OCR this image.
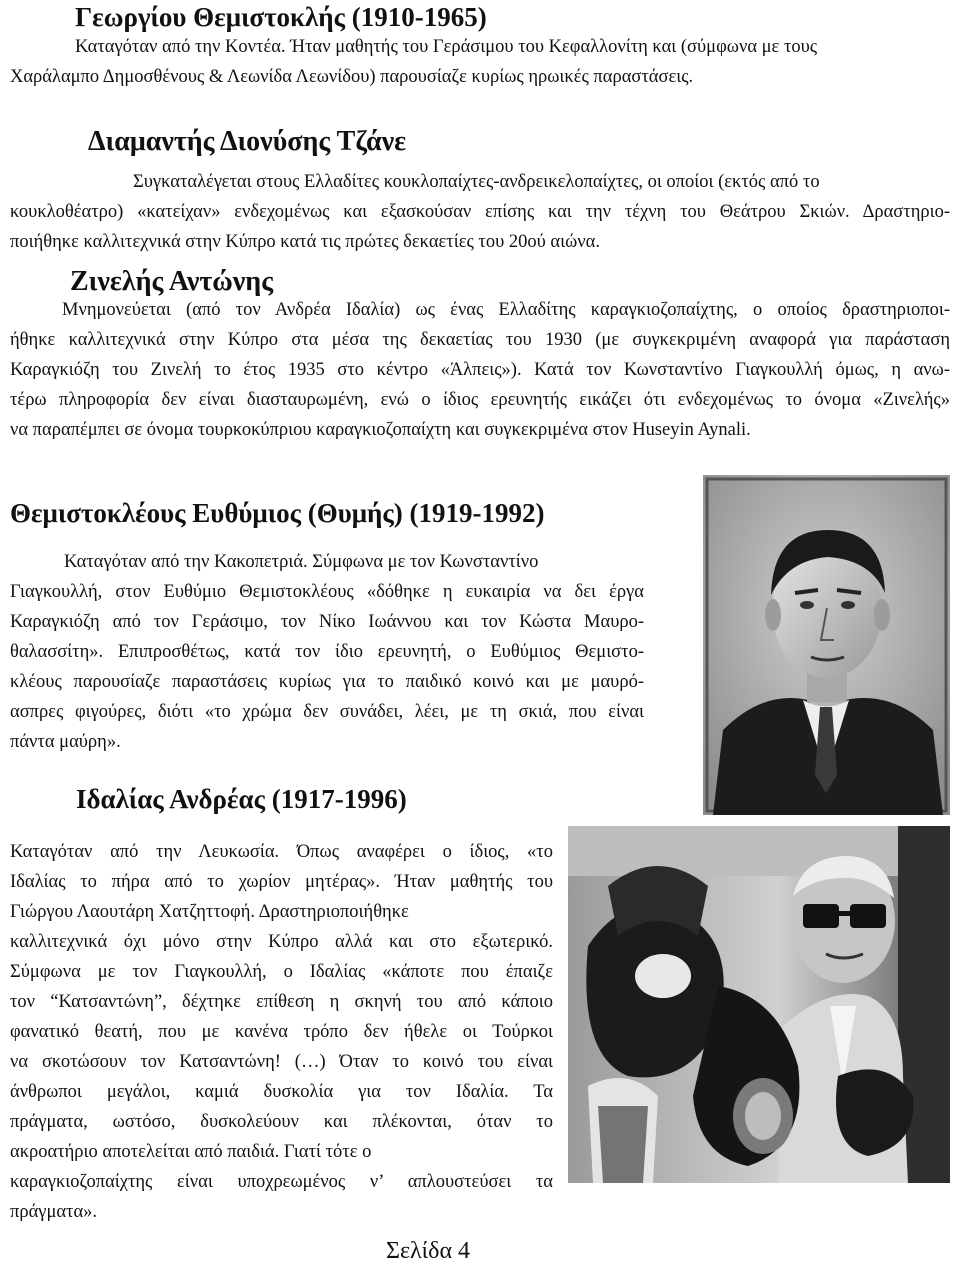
Γεωργίου Θεμιστοκλής (1910-1965)
Καταγόταν από την Κοντέα. Ήταν μαθητής του Γεράσιμου του Κεφαλλονίτη και (σύμφωνα με τους
Χαράλαμπο Δημοσθένους & Λεωνίδα Λεωνίδου) παρουσίαζε κυρίως ηρωικές παραστάσεις.
Διαμαντής Διονύσης Τζάνε
Συγκαταλέγεται στους Ελλαδίτες κουκλοπαίχτες-ανδρεικελοπαίχτες, οι οποίοι (εκτός από το
κουκλοθέατρο) «κατείχαν» ενδεχομένως και εξασκούσαν επίσης και την τέχνη του Θεάτρου Σκιών. Δραστηριο-
ποιήθηκε καλλιτεχνικά στην Κύπρο κατά τις πρώτες δεκαετίες του 20ού αιώνα.
Ζινελής Αντώνης
Μνημονεύεται (από τον Ανδρέα Ιδαλία) ως ένας Ελλαδίτης καραγκιοζοπαίχτης, ο οποίος δραστηριοποι-
ήθηκε καλλιτεχνικά στην Κύπρο στα μέσα της δεκαετίας του 1930 (με συγκεκριμένη αναφορά για παράσταση
Καραγκιόζη του Ζινελή το έτος 1935 στο κέντρο «Άλπεις»). Κατά τον Κωνσταντίνο Γιαγκουλλή όμως, η ανω-
τέρω πληροφορία δεν είναι διασταυρωμένη, ενώ ο ίδιος ερευνητής εικάζει ότι ενδεχομένως το όνομα «Ζινελής»
να παραπέμπει σε όνομα τουρκοκύπριου καραγκιοζοπαίχτη και συγκεκριμένα στον Huseyin Aynali.
Θεμιστοκλέους Ευθύμιος (Θυμής) (1919-1992)
Καταγόταν από την Κακοπετριά. Σύμφωνα με τον Κωνσταντίνο
Γιαγκουλλή, στον Ευθύμιο Θεμιστοκλέους «δόθηκε η ευκαιρία να δει έργα
Καραγκιόζη από τον Γεράσιμο, τον Νίκο Ιωάννου και τον Κώστα Μαυρο-
θαλασσίτη». Επιπροσθέτως, κατά τον ίδιο ερευνητή, ο Ευθύμιος Θεμιστο-
κλέους παρουσίαζε παραστάσεις κυρίως για το παιδικό κοινό και με μαυρό-
ασπρες φιγούρες, διότι «το χρώμα δεν συνάδει, λέει, με τη σκιά, που είναι
πάντα μαύρη».
Ιδαλίας Ανδρέας (1917-1996)
Καταγόταν από την Λευκωσία. Όπως αναφέρει ο ίδιος, «το
Ιδαλίας το πήρα από το χωρίον μητέρας». Ήταν μαθητής του
Γιώργου Λαουτάρη Χατζηττοφή. Δραστηριοποιήθηκε
καλλιτεχνικά όχι μόνο στην Κύπρο αλλά και στο εξωτερικό.
Σύμφωνα με τον Γιαγκουλλή, ο Ιδαλίας «κάποτε που έπαιζε
τον “Κατσαντώνη”, δέχτηκε επίθεση η σκηνή του από κάποιο
φανατικό θεατή, που με κανένα τρόπο δεν ήθελε οι Τούρκοι
να σκοτώσουν τον Κατσαντώνη! (…) Όταν το κοινό του είναι
άνθρωποι μεγάλοι, καμιά δυσκολία για τον Ιδαλία. Τα
πράγματα, ωστόσο, δυσκολεύουν και πλέκονται, όταν το
ακροατήριο αποτελείται από παιδιά. Γιατί τότε ο
καραγκιοζοπαίχτης είναι υποχρεωμένος ν’ απλουστεύσει τα
πράγματα».
Σελίδα 4
